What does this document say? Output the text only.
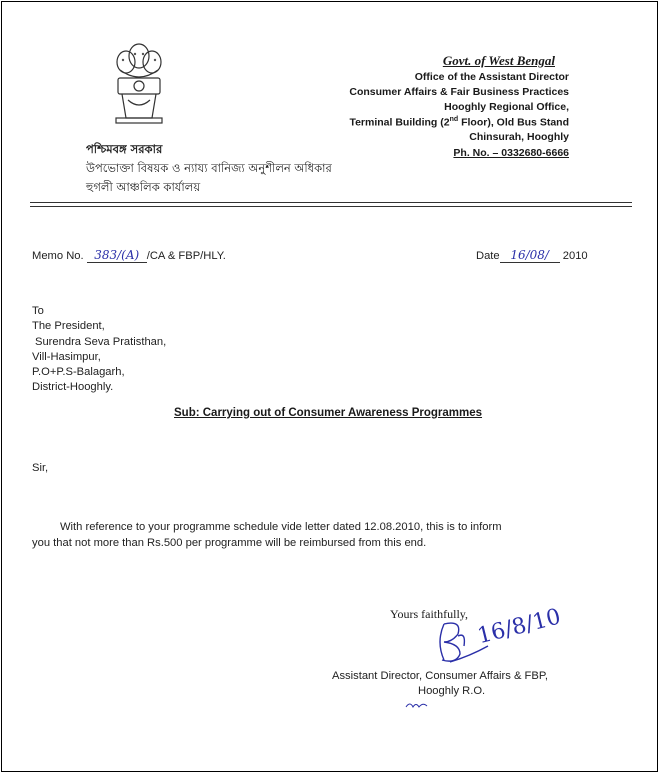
Govt. of West Bengal
Office of the Assistant Director
Consumer Affairs & Fair Business Practices
Hooghly Regional Office,
Terminal Building (2nd Floor), Old Bus Stand
Chinsurah, Hooghly
Ph. No. – 0332680-6666
পশ্চিমবঙ্গ সরকার
উপভোক্তা বিষয়ক ও ন্যায্য বানিজ্য অনুশীলন অধিকার
হুগলী আঞ্চলিক কার্যালয়
Memo No. 383/(A) /CA & FBP/HLY.	Date 16/08/ 2010
To
The President,
Surendra Seva Pratisthan,
Vill-Hasimpur,
P.O+P.S-Balagarh,
District-Hooghly.
Sub: Carrying out of Consumer Awareness Programmes
Sir,
With reference to your programme schedule vide letter dated 12.08.2010, this is to inform
you that not more than Rs.500 per programme will be reimbursed from this end.
Yours faithfully, 16/8/10
Assistant Director, Consumer Affairs & FBP,
Hooghly R.O.
